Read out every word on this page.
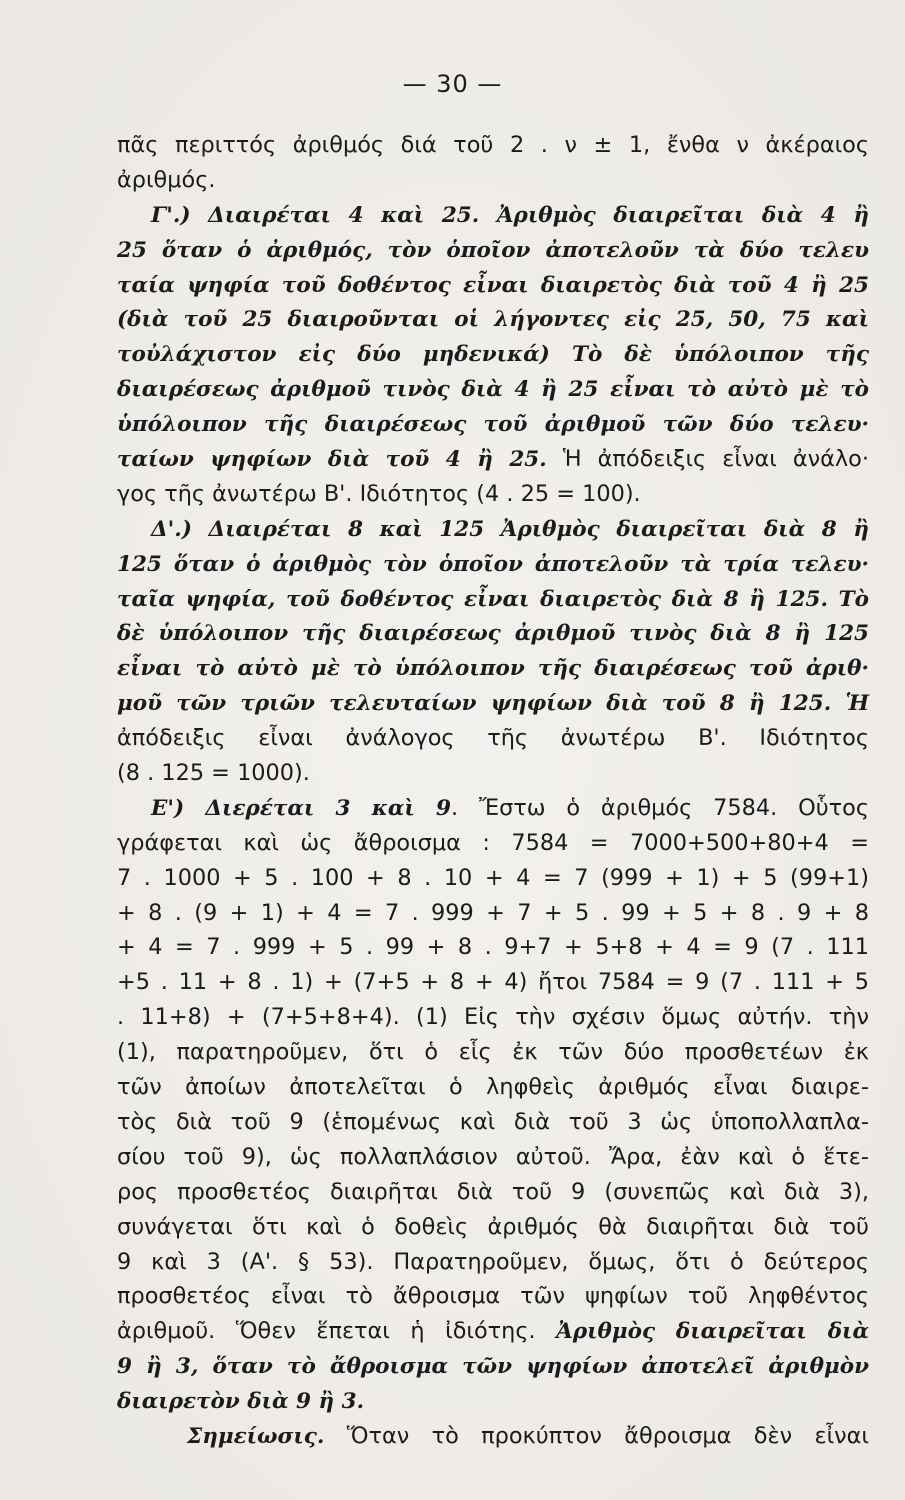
— 30 —
πᾶς περιττός ἀριθμός διά τοῦ 2 . ν ± 1, ἔνθα ν ἀκέραιος
ἀριθμός.
Γ'.) Διαιρέται 4 καὶ 25. Ἀριθμὸς διαιρεῖται διὰ 4 ἢ
25 ὅταν ὁ ἀριθμός, τὸν ὁποῖον ἀποτελοῦν τὰ δύο τελευ
ταία ψηφία τοῦ δοθέντος εἶναι διαιρετὸς διὰ τοῦ 4 ἢ 25
(διὰ τοῦ 25 διαιροῦνται οἱ λήγοντες εἰς 25, 50, 75 καὶ
τοὐλάχιστον εἰς δύο μηδενικά) Τὸ δὲ ὑπόλοιπον τῆς
διαιρέσεως ἀριθμοῦ τινὸς διὰ 4 ἢ 25 εἶναι τὸ αὐτὸ μὲ τὸ
ὑπόλοιπον τῆς διαιρέσεως τοῦ ἀριθμοῦ τῶν δύο τελευ·
ταίων ψηφίων διὰ τοῦ 4 ἢ 25. Ἡ ἀπόδειξις εἶναι ἀνάλο·
γος τῆς ἀνωτέρω Β'. Ιδιότητος (4 . 25 = 100).
Δ'.) Διαιρέται 8 καὶ 125 Ἀριθμὸς διαιρεῖται διὰ 8 ἢ
125 ὅταν ὁ ἀριθμὸς τὸν ὁποῖον ἀποτελοῦν τὰ τρία τελευ·
ταῖα ψηφία, τοῦ δοθέντος εἶναι διαιρετὸς διὰ 8 ἢ 125. Τὸ
δὲ ὑπόλοιπον τῆς διαιρέσεως ἀριθμοῦ τινὸς διὰ 8 ἢ 125
εἶναι τὸ αὐτὸ μὲ τὸ ὑπόλοιπον τῆς διαιρέσεως τοῦ ἀριθ·
μοῦ τῶν τριῶν τελευταίων ψηφίων διὰ τοῦ 8 ἢ 125. Ἡ
ἀπόδειξις εἶναι ἀνάλογος τῆς ἀνωτέρω Β'. Ιδιότητος
(8 . 125 = 1000).
Ε') Διερέται 3 καὶ 9. Ἔστω ὁ ἀριθμός 7584. Οὗτος
γράφεται καὶ ὡς ἄθροισμα : 7584 = 7000+500+80+4 =
7 . 1000 + 5 . 100 + 8 . 10 + 4 = 7 (999 + 1) + 5 (99+1)
+ 8 . (9 + 1) + 4 = 7 . 999 + 7 + 5 . 99 + 5 + 8 . 9 + 8
+ 4 = 7 . 999 + 5 . 99 + 8 . 9+7 + 5+8 + 4 = 9 (7 . 111
+5 . 11 + 8 . 1) + (7+5 + 8 + 4) ἤτοι 7584 = 9 (7 . 111 + 5
. 11+8) + (7+5+8+4). (1) Εἰς τὴν σχέσιν ὅμως αὐτήν. τὴν
(1), παρατηροῦμεν, ὅτι ὁ εἷς ἐκ τῶν δύο προσθετέων ἐκ
τῶν ἀποίων ἀποτελεῖται ὁ ληφθεὶς ἀριθμός εἶναι διαιρε-
τὸς διὰ τοῦ 9 (ἑπομένως καὶ διὰ τοῦ 3 ὡς ὑποπολλαπλα-
σίου τοῦ 9), ὡς πολλαπλάσιον αὐτοῦ. Ἄρα, ἐὰν καὶ ὁ ἕτε-
ρος προσθετέος διαιρῆται διὰ τοῦ 9 (συνεπῶς καὶ διὰ 3),
συνάγεται ὅτι καὶ ὁ δοθεὶς ἀριθμός θὰ διαιρῆται διὰ τοῦ
9 καὶ 3 (Α'. § 53). Παρατηροῦμεν, ὅμως, ὅτι ὁ δεύτερος
προσθετέος εἶναι τὸ ἄθροισμα τῶν ψηφίων τοῦ ληφθέντος
ἀριθμοῦ. Ὅθεν ἕπεται ἡ ἰδιότης. Ἀριθμὸς διαιρεῖται διὰ
9 ἢ 3, ὅταν τὸ ἄθροισμα τῶν ψηφίων ἀποτελεῖ ἀριθμὸν
διαιρετὸν διὰ 9 ἢ 3.
Σημείωσις. Ὅταν τὸ προκύπτον ἄθροισμα δὲν εἶναι
